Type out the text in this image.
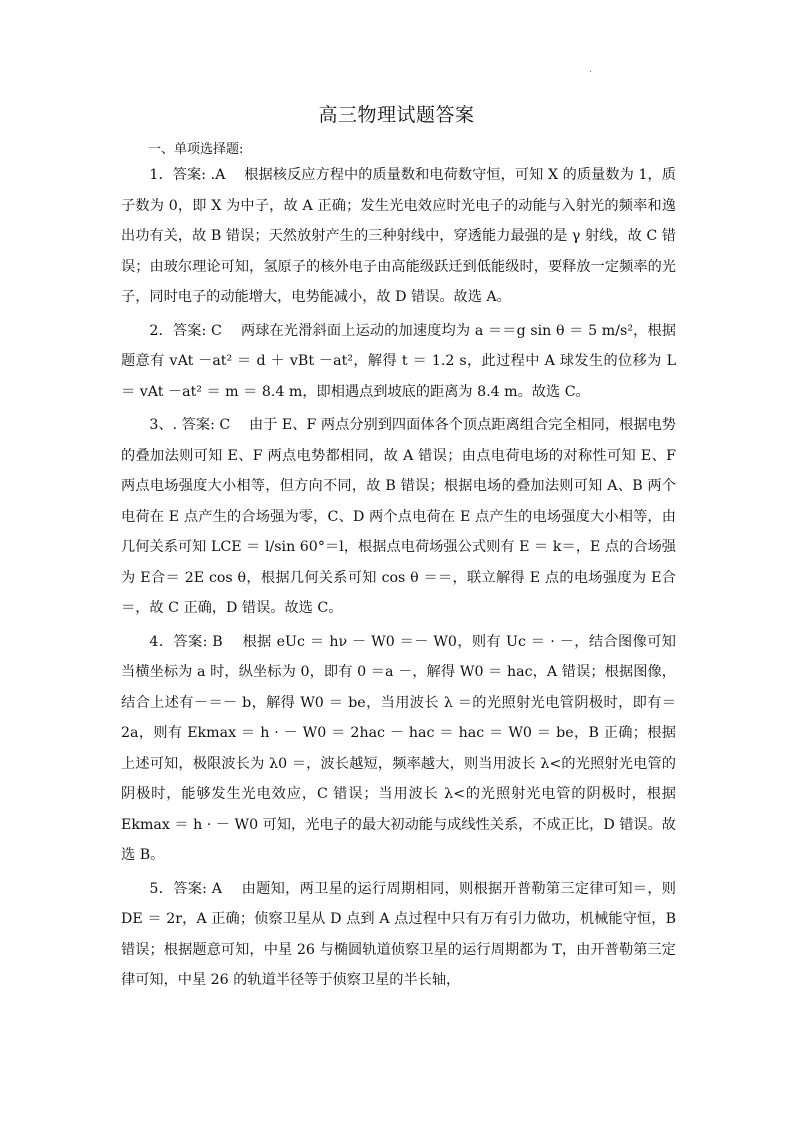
.
高三物理试题答案
一、单项选择题:

1．答案: .A　 根据核反应方程中的质量数和电荷数守恒，可知 X 的质量数为 1，质子数为 0，即 X 为中子，故 A 正确；发生光电效应时光电子的动能与入射光的频率和逸出功有关，故 B 错误；天然放射产生的三种射线中，穿透能力最强的是 γ 射线，故 C 错误；由玻尔理论可知，氢原子的核外电子由高能级跃迁到低能级时，要释放一定频率的光子，同时电子的动能增大，电势能减小，故 D 错误。故选 A。

2．答案: C　 两球在光滑斜面上运动的加速度均为 a ＝＝g sin θ ＝ 5 m/s²，根据题意有 vAt －at² ＝ d ＋ vBt －at²，解得 t ＝ 1.2 s，此过程中 A 球发生的位移为 L ＝ vAt －at² ＝ m ＝ 8.4 m，即相遇点到坡底的距离为 8.4 m。故选 C。

3、. 答案: C　 由于 E、F 两点分别到四面体各个顶点距离组合完全相同，根据电势的叠加法则可知 E、F 两点电势都相同，故 A 错误；由点电荷电场的对称性可知 E、F 两点电场强度大小相等，但方向不同，故 B 错误；根据电场的叠加法则可知 A、B 两个电荷在 E 点产生的合场强为零，C、D 两个点电荷在 E 点产生的电场强度大小相等，由几何关系可知 LCE ＝ l/sin 60°＝l，根据点电荷场强公式则有 E ＝ k＝，E 点的合场强为 E合＝ 2E cos θ，根据几何关系可知 cos θ ＝＝，联立解得 E 点的电场强度为 E合＝，故 C 正确，D 错误。故选 C。

4．答案: B　 根据 eUc ＝ hν － W0 ＝－ W0，则有 Uc ＝ · －，结合图像可知当横坐标为 a 时，纵坐标为 0，即有 0 ＝a －，解得 W0 ＝ hac，A 错误；根据图像，结合上述有－＝－ b，解得 W0 ＝ be，当用波长 λ ＝的光照射光电管阴极时，即有＝ 2a，则有 Ekmax ＝ h · － W0 ＝ 2hac － hac ＝ hac ＝ W0 ＝ be，B 正确；根据上述可知，极限波长为 λ0 ＝，波长越短，频率越大，则当用波长 λ<的光照射光电管的阴极时，能够发生光电效应，C 错误；当用波长 λ<的光照射光电管的阴极时，根据 Ekmax ＝ h · － W0 可知，光电子的最大初动能与成线性关系，不成正比，D 错误。故选 B。

5．答案: A　 由题知，两卫星的运行周期相同，则根据开普勒第三定律可知＝，则 DE ＝ 2r，A 正确；侦察卫星从 D 点到 A 点过程中只有万有引力做功，机械能守恒，B 错误；根据题意可知，中星 26 与椭圆轨道侦察卫星的运行周期都为 T，由开普勒第三定律可知，中星 26 的轨道半径等于侦察卫星的半长轴，
